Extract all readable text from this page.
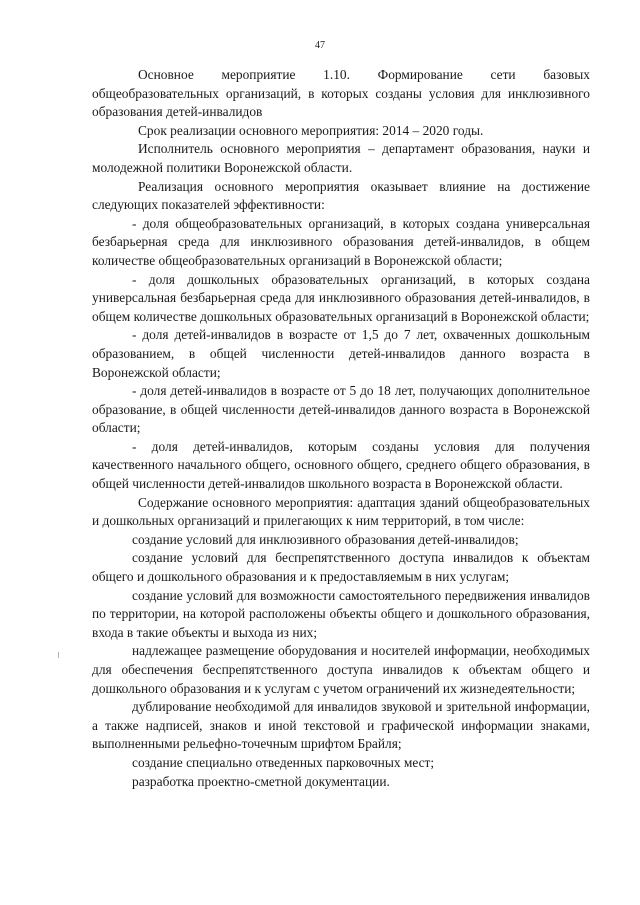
47

Основное мероприятие 1.10. Формирование сети базовых общеобразовательных организаций, в которых созданы условия для инклюзивного образования детей-инвалидов

Срок реализации основного мероприятия: 2014 – 2020 годы.

Исполнитель основного мероприятия – департамент образования, науки и молодежной политики Воронежской области.

Реализация основного мероприятия оказывает влияние на достижение следующих показателей эффективности:

- доля общеобразовательных организаций, в которых создана универсальная безбарьерная среда для инклюзивного образования детей-инвалидов, в общем количестве общеобразовательных организаций в Воронежской области;

- доля дошкольных образовательных организаций, в которых создана универсальная безбарьерная среда для инклюзивного образования детей-инвалидов, в общем количестве дошкольных образовательных организаций в Воронежской области;

- доля детей-инвалидов в возрасте от 1,5 до 7 лет, охваченных дошкольным образованием, в общей численности детей-инвалидов данного возраста в Воронежской области;

- доля детей-инвалидов в возрасте от 5 до 18 лет, получающих дополнительное образование, в общей численности детей-инвалидов данного возраста в Воронежской области;

- доля детей-инвалидов, которым созданы условия для получения качественного начального общего, основного общего, среднего общего образования, в общей численности детей-инвалидов школьного возраста в Воронежской области.

Содержание основного мероприятия: адаптация зданий общеобразовательных и дошкольных организаций и прилегающих к ним территорий, в том числе:

создание условий для инклюзивного образования детей-инвалидов;

создание условий для беспрепятственного доступа инвалидов к объектам общего и дошкольного образования и к предоставляемым в них услугам;

создание условий для возможности самостоятельного передвижения инвалидов по территории, на которой расположены объекты общего и дошкольного образования, входа в такие объекты и выхода из них;

надлежащее размещение оборудования и носителей информации, необходимых для обеспечения беспрепятственного доступа инвалидов к объектам общего и дошкольного образования и к услугам с учетом ограничений их жизнедеятельности;

дублирование необходимой для инвалидов звуковой и зрительной информации, а также надписей, знаков и иной текстовой и графической информации знаками, выполненными рельефно-точечным шрифтом Брайля;

создание специально отведенных парковочных мест;

разработка проектно-сметной документации.
